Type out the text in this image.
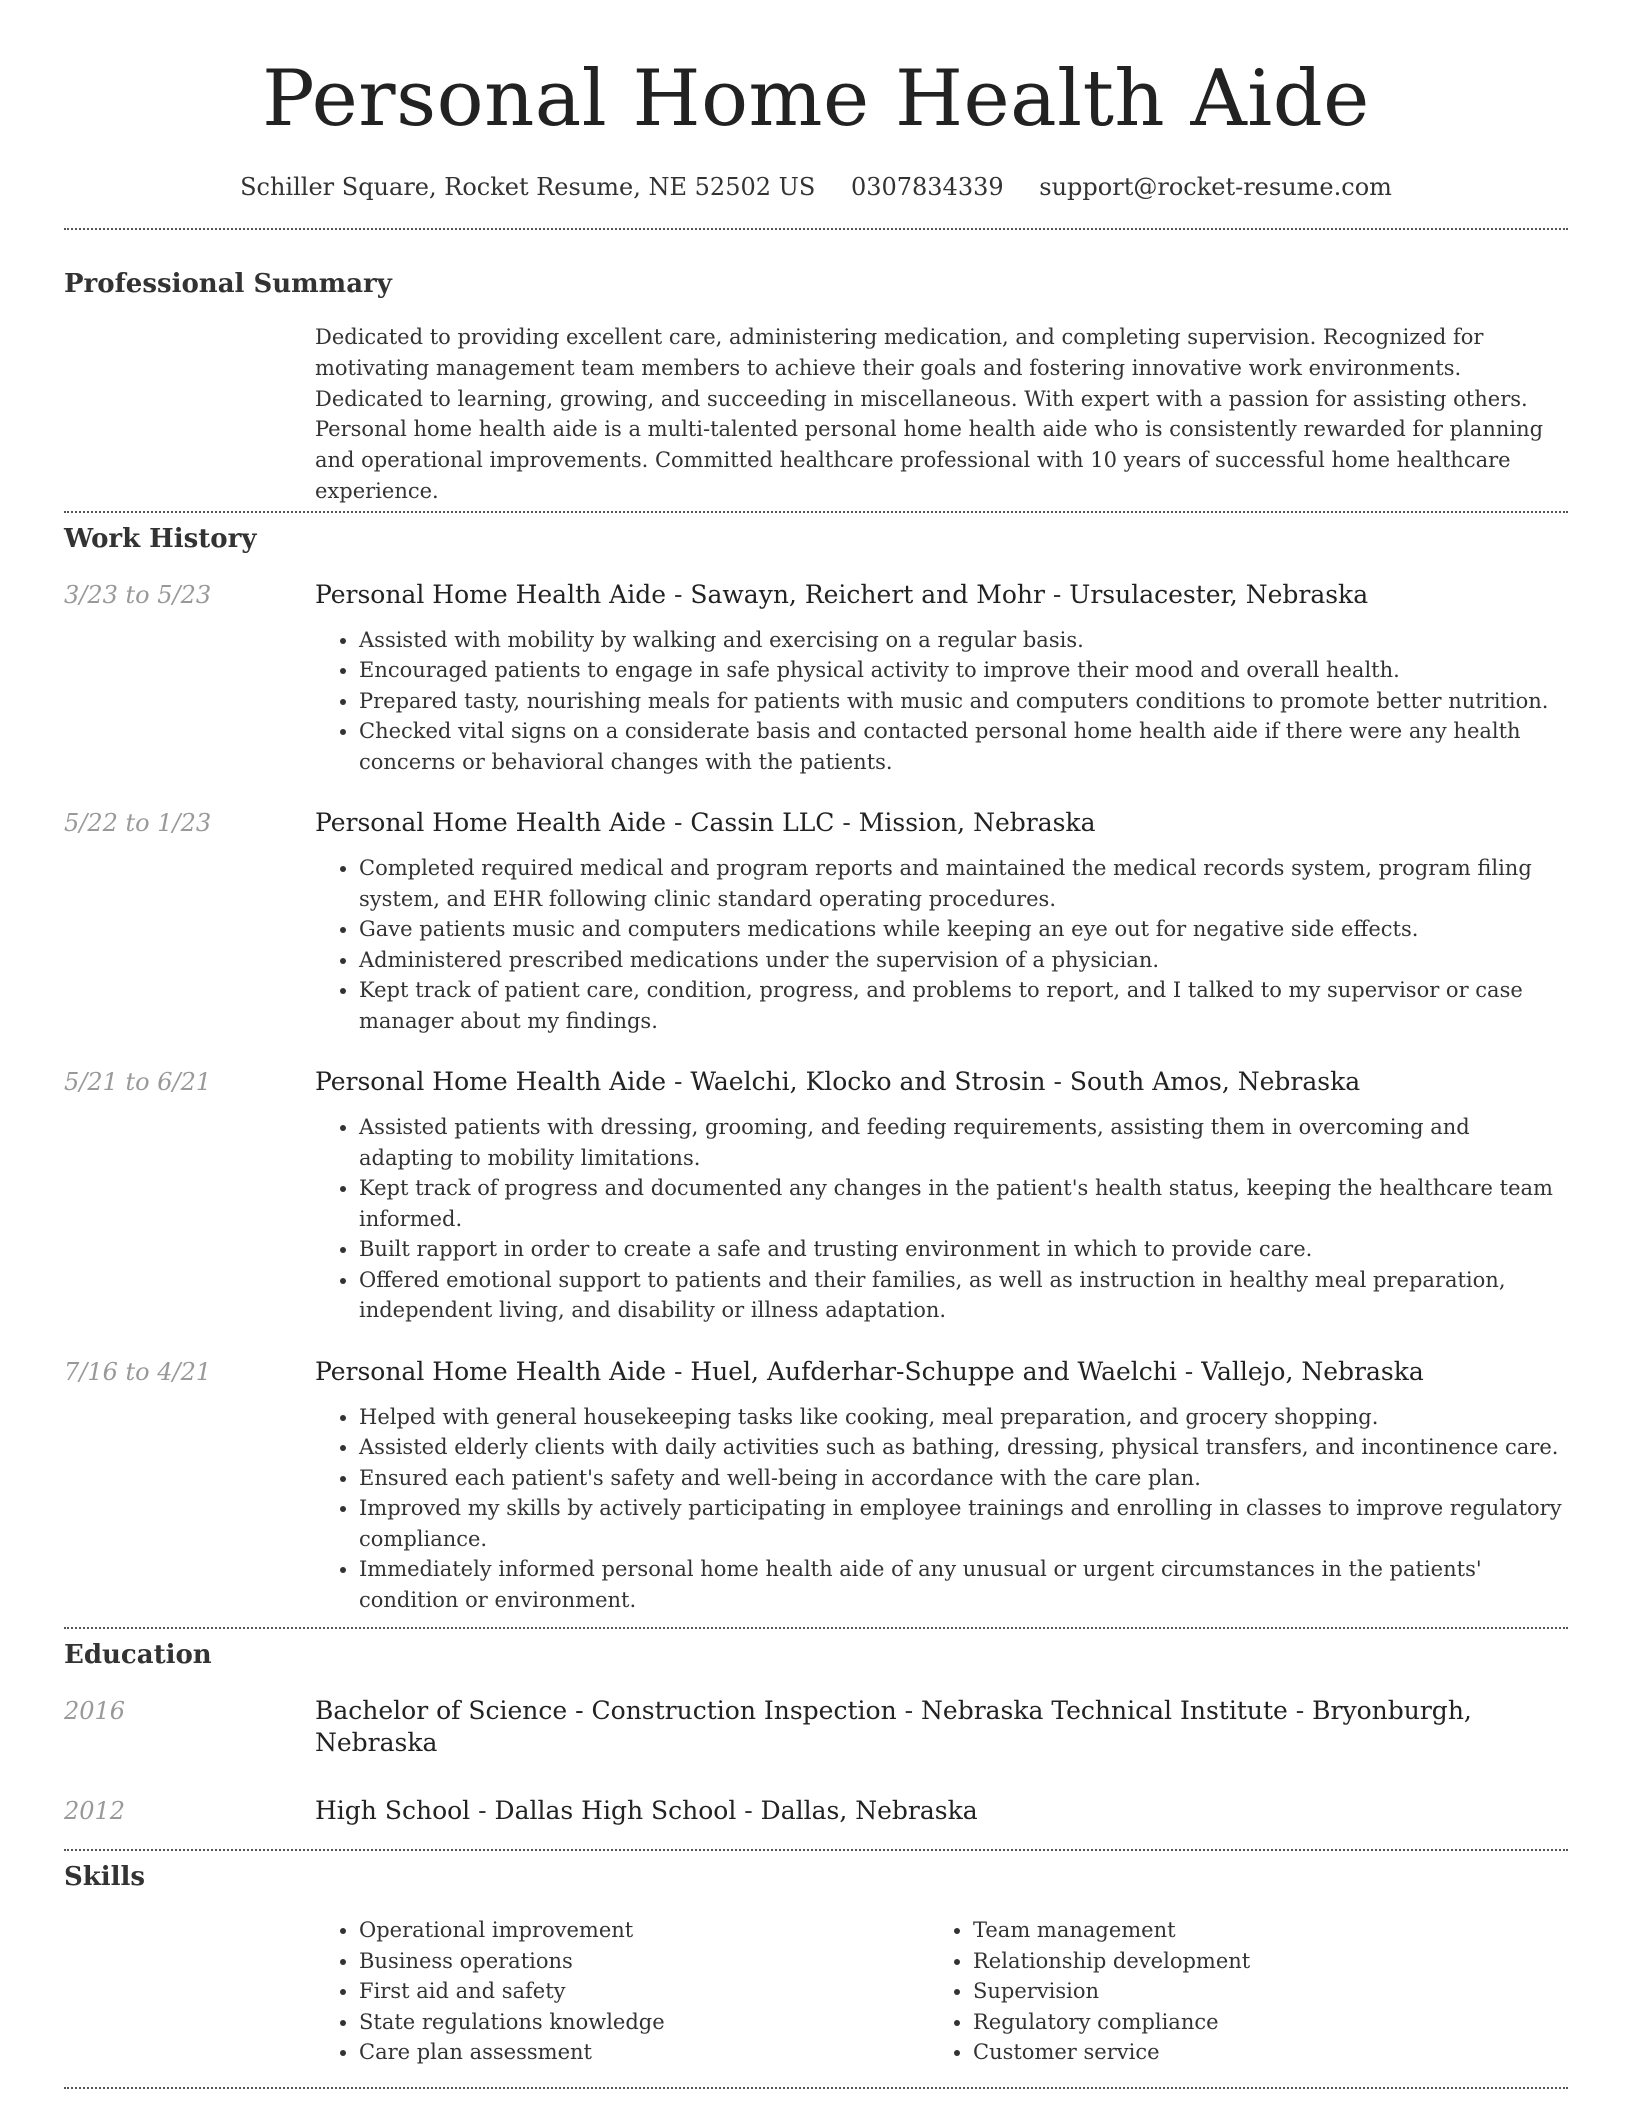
Personal Home Health Aide
Schiller Square, Rocket Resume, NE 52502 US 0307834339 support@rocket-resume.com
Professional Summary
Dedicated to providing excellent care, administering medication, and completing supervision. Recognized for motivating management team members to achieve their goals and fostering innovative work environments. Dedicated to learning, growing, and succeeding in miscellaneous. With expert with a passion for assisting others. Personal home health aide is a multi-talented personal home health aide who is consistently rewarded for planning and operational improvements. Committed healthcare professional with 10 years of successful home healthcare experience.
Work History
3/23 to 5/23	Personal Home Health Aide - Sawayn, Reichert and Mohr - Ursulacester, Nebraska
• Assisted with mobility by walking and exercising on a regular basis.
• Encouraged patients to engage in safe physical activity to improve their mood and overall health.
• Prepared tasty, nourishing meals for patients with music and computers conditions to promote better nutrition.
• Checked vital signs on a considerate basis and contacted personal home health aide if there were any health concerns or behavioral changes with the patients.
5/22 to 1/23	Personal Home Health Aide - Cassin LLC - Mission, Nebraska
• Completed required medical and program reports and maintained the medical records system, program filing system, and EHR following clinic standard operating procedures.
• Gave patients music and computers medications while keeping an eye out for negative side effects.
• Administered prescribed medications under the supervision of a physician.
• Kept track of patient care, condition, progress, and problems to report, and I talked to my supervisor or case manager about my findings.
5/21 to 6/21	Personal Home Health Aide - Waelchi, Klocko and Strosin - South Amos, Nebraska
• Assisted patients with dressing, grooming, and feeding requirements, assisting them in overcoming and adapting to mobility limitations.
• Kept track of progress and documented any changes in the patient's health status, keeping the healthcare team informed.
• Built rapport in order to create a safe and trusting environment in which to provide care.
• Offered emotional support to patients and their families, as well as instruction in healthy meal preparation, independent living, and disability or illness adaptation.
7/16 to 4/21	Personal Home Health Aide - Huel, Aufderhar-Schuppe and Waelchi - Vallejo, Nebraska
• Helped with general housekeeping tasks like cooking, meal preparation, and grocery shopping.
• Assisted elderly clients with daily activities such as bathing, dressing, physical transfers, and incontinence care.
• Ensured each patient's safety and well-being in accordance with the care plan.
• Improved my skills by actively participating in employee trainings and enrolling in classes to improve regulatory compliance.
• Immediately informed personal home health aide of any unusual or urgent circumstances in the patients' condition or environment.
Education
2016	Bachelor of Science - Construction Inspection - Nebraska Technical Institute - Bryonburgh, Nebraska
2012	High School - Dallas High School - Dallas, Nebraska
Skills
• Operational improvement
• Business operations
• First aid and safety
• State regulations knowledge
• Care plan assessment
• Team management
• Relationship development
• Supervision
• Regulatory compliance
• Customer service
